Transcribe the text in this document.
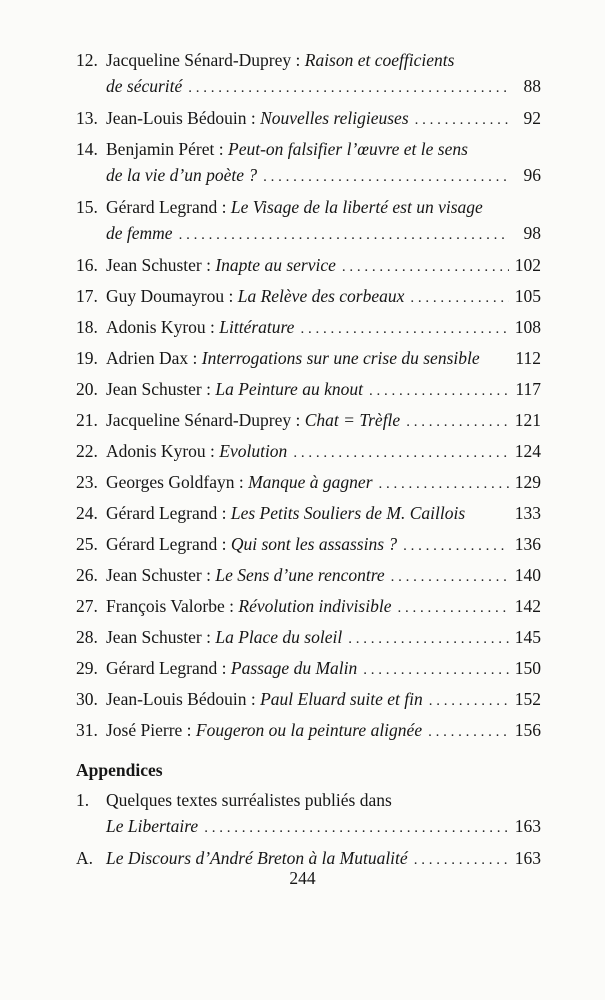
12. Jacqueline Sénard-Duprey : Raison et coefficients
de sécurité . . .	88
13. Jean-Louis Bédouin : Nouvelles religieuses . . .	92
14. Benjamin Péret : Peut-on falsifier l’œuvre et le sens
de la vie d’un poète ? . . .	96
15. Gérard Legrand : Le Visage de la liberté est un visage
de femme . . .	98
16. Jean Schuster : Inapte au service . . .	102
17. Guy Doumayrou : La Relève des corbeaux . . .	105
18. Adonis Kyrou : Littérature . . .	108
19. Adrien Dax : Interrogations sur une crise du sensible 112
20. Jean Schuster : La Peinture au knout . . .	117
21. Jacqueline Sénard-Duprey : Chat = Trèfle . . .	121
22. Adonis Kyrou : Evolution . . .	124
23. Georges Goldfayn : Manque à gagner . . .	129
24. Gérard Legrand : Les Petits Souliers de M. Caillois	133
25. Gérard Legrand : Qui sont les assassins ? . . .	136
26. Jean Schuster : Le Sens d’une rencontre . . .	140
27. François Valorbe : Révolution indivisible . . .	142
28. Jean Schuster : La Place du soleil . . .	145
29. Gérard Legrand : Passage du Malin . . .	150
30. Jean-Louis Bédouin : Paul Eluard suite et fin . . .	152
31. José Pierre : Fougeron ou la peinture alignée . . .	156
Appendices
1. Quelques textes surréalistes publiés dans
Le Libertaire . . .	163
A. Le Discours d’André Breton à la Mutualité . . .	163
244
